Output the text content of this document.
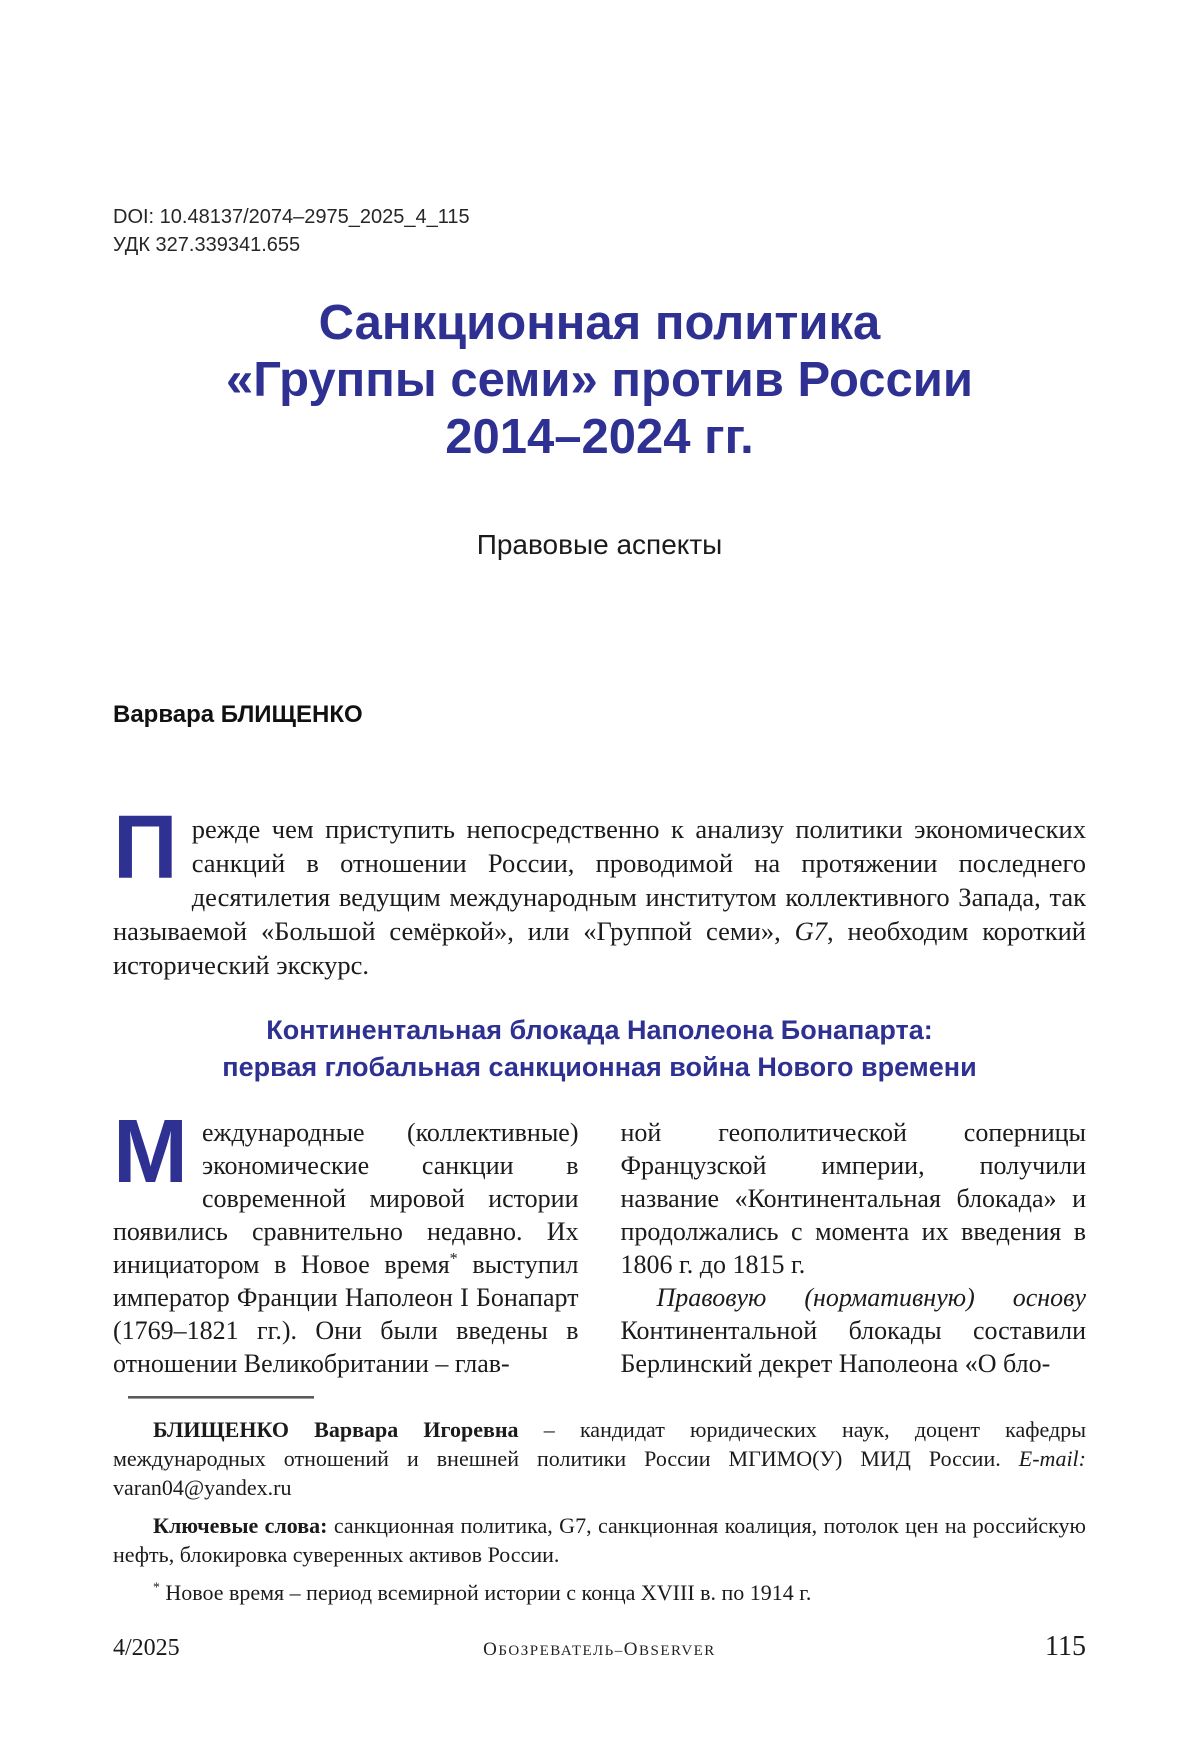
DOI: 10.48137/2074–2975_2025_4_115
УДК 327.339341.655
Санкционная политика
«Группы семи» против России
2014–2024 гг.
Правовые аспекты
Варвара БЛИЩЕНКО

П режде чем приступить непосредственно к анализу политики экономических санкций в отношении России, проводимой на протяжении последнего десятилетия ведущим международным институтом коллективного Запада, так называемой «Большой семёркой», или «Группой семи», G7, необходим короткий исторический экскурс.

Континентальная блокада Наполеона Бонапарта:
первая глобальная санкционная война Нового времени

М еждународные (коллективные) экономические санкции в современной мировой истории появились сравнительно недавно. Их инициатором в Новое время* выступил император Франции Наполеон I Бонапарт (1769–1821 гг.). Они были введены в отношении Великобритании – глав-

ной геополитической соперницы Французской империи, получили название «Континентальная блокада» и продолжались с момента их введения в 1806 г. до 1815 г.

Правовую (нормативную) основу Континентальной блокады составили Берлинский декрет Наполеона «О бло-

БЛИЩЕНКО Варвара Игоревна – кандидат юридических наук, доцент кафедры международных отношений и внешней политики России МГИМО(У) МИД России. E-mail: varan04@yandex.ru

Ключевые слова: санкционная политика, G7, санкционная коалиция, потолок цен на российскую нефть, блокировка суверенных активов России.

* Новое время – период всемирной истории с конца XVIII в. по 1914 г.

4/2025	ОБОЗРЕВАТЕЛЬ–OBSERVER	115
